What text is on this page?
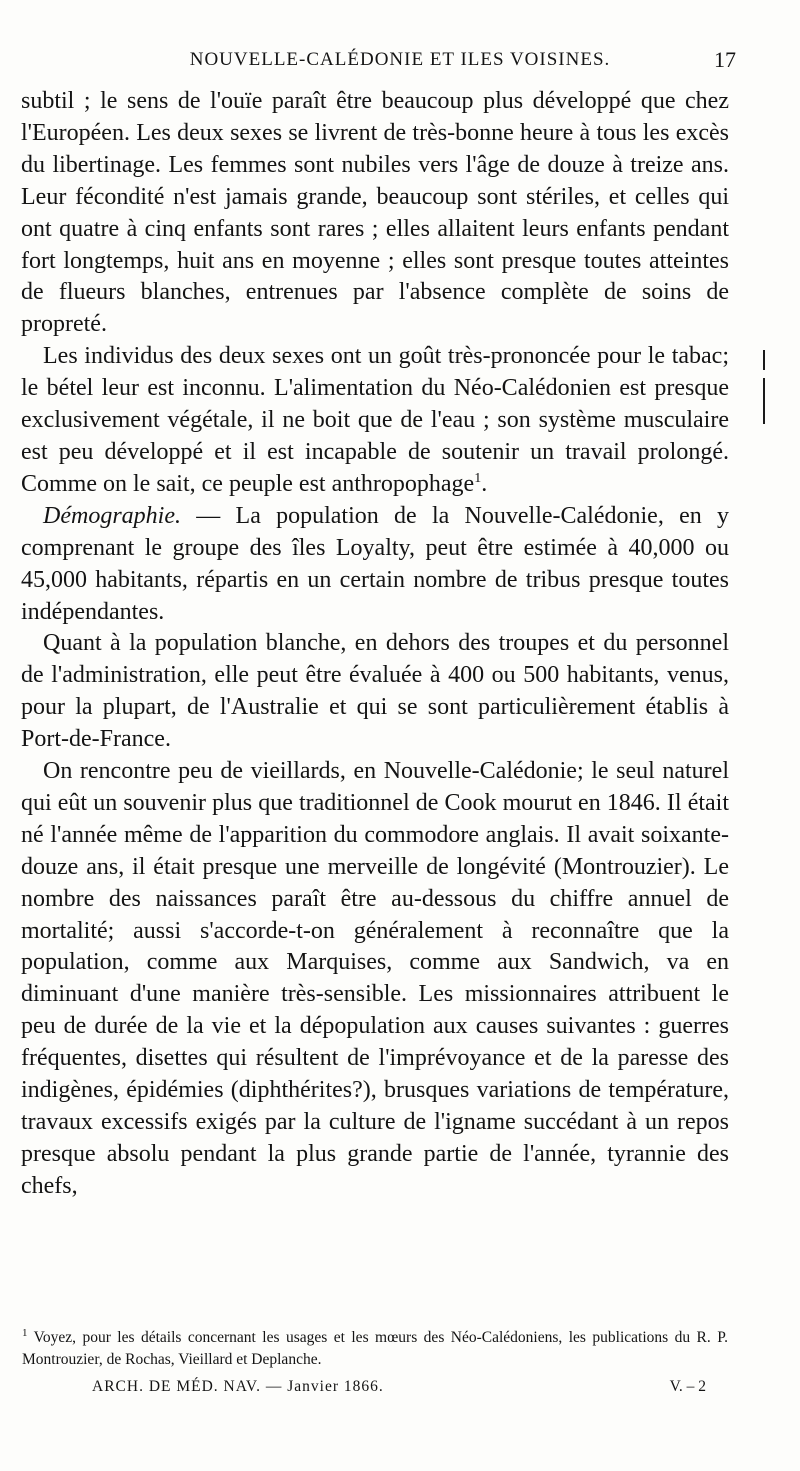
NOUVELLE-CALÉDONIE ET ILES VOISINES.	17

subtil ; le sens de l'ouïe paraît être beaucoup plus développé que chez l'Européen. Les deux sexes se livrent de très-bonne heure à tous les excès du libertinage. Les femmes sont nubiles vers l'âge de douze à treize ans. Leur fécondité n'est jamais grande, beaucoup sont stériles, et celles qui ont quatre à cinq enfants sont rares ; elles allaitent leurs enfants pendant fort longtemps, huit ans en moyenne ; elles sont presque toutes atteintes de flueurs blanches, entrenues par l'absence complète de soins de propreté.

Les individus des deux sexes ont un goût très-prononcée pour le tabac; le bétel leur est inconnu. L'alimentation du Néo-Calédonien est presque exclusivement végétale, il ne boit que de l'eau ; son système musculaire est peu développé et il est incapable de soutenir un travail prolongé. Comme on le sait, ce peuple est anthropophage$^1$.

Démographie. — La population de la Nouvelle-Calédonie, en y comprenant le groupe des îles Loyalty, peut être estimée à 40,000 ou 45,000 habitants, répartis en un certain nombre de tribus presque toutes indépendantes.

Quant à la population blanche, en dehors des troupes et du personnel de l'administration, elle peut être évaluée à 400 ou 500 habitants, venus, pour la plupart, de l'Australie et qui se sont particulièrement établis à Port-de-France.

On rencontre peu de vieillards, en Nouvelle-Calédonie; le seul naturel qui eût un souvenir plus que traditionnel de Cook mourut en 1846. Il était né l'année même de l'apparition du commodore anglais. Il avait soixante-douze ans, il était presque une merveille de longévité (Montrouzier). Le nombre des naissances paraît être au-dessous du chiffre annuel de mortalité; aussi s'accorde-t-on généralement à reconnaître que la population, comme aux Marquises, comme aux Sandwich, va en diminuant d'une manière très-sensible. Les missionnaires attribuent le peu de durée de la vie et la dépopulation aux causes suivantes : guerres fréquentes, disettes qui résultent de l'imprévoyance et de la paresse des indigènes, épidémies (diphthérites?), brusques variations de température, travaux excessifs exigés par la culture de l'igname succédant à un repos presque absolu pendant la plus grande partie de l'année, tyrannie des chefs,

$^1$ Voyez, pour les détails concernant les usages et les mœurs des Néo-Calédoniens, les publications du R. P. Montrouzier, de Rochas, Vieillard et Deplanche.
ARCH. DE MÉD. NAV. — Janvier 1866.	V. – 2
